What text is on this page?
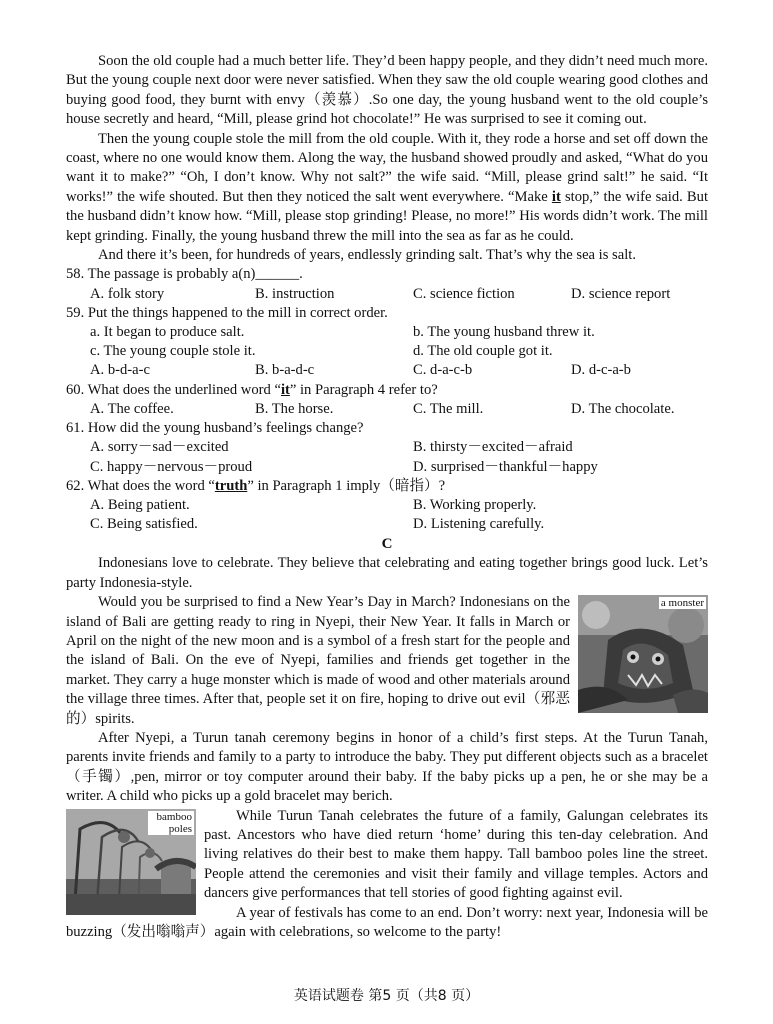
Soon the old couple had a much better life. They’d been happy people, and they didn’t need much more. But the young couple next door were never satisfied. When they saw the old couple wearing good clothes and buying good food, they burnt with envy（羡慕）.So one day, the young husband went to the old couple’s house secretly and heard, “Mill, please grind hot chocolate!” He was surprised to see it coming out.

Then the young couple stole the mill from the old couple. With it, they rode a horse and set off down the coast, where no one would know them. Along the way, the husband showed proudly and asked, “What do you want it to make?” “Oh, I don’t know. Why not salt?” the wife said. “Mill, please grind salt!” he said. “It works!” the wife shouted. But then they noticed the salt went everywhere. “Make it stop,” the wife said. But the husband didn’t know how. “Mill, please stop grinding! Please, no more!” His words didn’t work. The mill kept grinding. Finally, the young husband threw the mill into the sea as far as he could.

And there it’s been, for hundreds of years, endlessly grinding salt. That’s why the sea is salt.

58. The passage is probably a(n)______.

A. folk story	B. instruction	C. science fiction	D. science report

59. Put the things happened to the mill in correct order.

a. It began to produce salt.	b. The young husband threw it.
c. The young couple stole it.	d. The old couple got it.
A. b-d-a-c	B. b-a-d-c	C. d-a-c-b	D. d-c-a-b

60. What does the underlined word “it” in Paragraph 4 refer to?

A. The coffee.	B. The horse.	C. The mill.	D. The chocolate.

61. How did the young husband’s feelings change?

A. sorry－sad－excited	B. thirsty－excited－afraid
C. happy－nervous－proud	D. surprised－thankful－happy

62. What does the word “truth” in Paragraph 1 imply（暗指）?

A. Being patient.	B. Working properly.
C. Being satisfied.	D. Listening carefully.
C

Indonesians love to celebrate. They believe that celebrating and eating together brings good luck. Let’s party Indonesia-style.

a monster

Would you be surprised to find a New Year’s Day in March? Indonesians on the island of Bali are getting ready to ring in Nyepi, their New Year. It falls in March or April on the night of the new moon and is a symbol of a fresh start for the people and the island of Bali. On the eve of Nyepi, families and friends get together in the market. They carry a huge monster which is made of wood and other materials around the village three times. After that, people set it on fire, hoping to drive out evil（邪恶的）spirits.

After Nyepi, a Turun tanah ceremony begins in honor of a child’s first steps. At the Turun Tanah, parents invite friends and family to a party to introduce the baby. They put different objects such as a bracelet（手镯）,pen, mirror or toy computer around their baby. If the baby picks up a pen, he or she may be a writer. A child who picks up a gold bracelet may berich.

bamboo poles

While Turun Tanah celebrates the future of a family, Galungan celebrates its past. Ancestors who have died return ‘home’ during this ten-day celebration. And living relatives do their best to make them happy. Tall bamboo poles line the street. People attend the ceremonies and visit their family and village temples. Actors and dancers give performances that tell stories of good fighting against evil.

A year of festivals has come to an end. Don’t worry: next year, Indonesia will be buzzing（发出嗡嗡声）again with celebrations, so welcome to the party!

英语试题卷 第5 页（共8 页）
